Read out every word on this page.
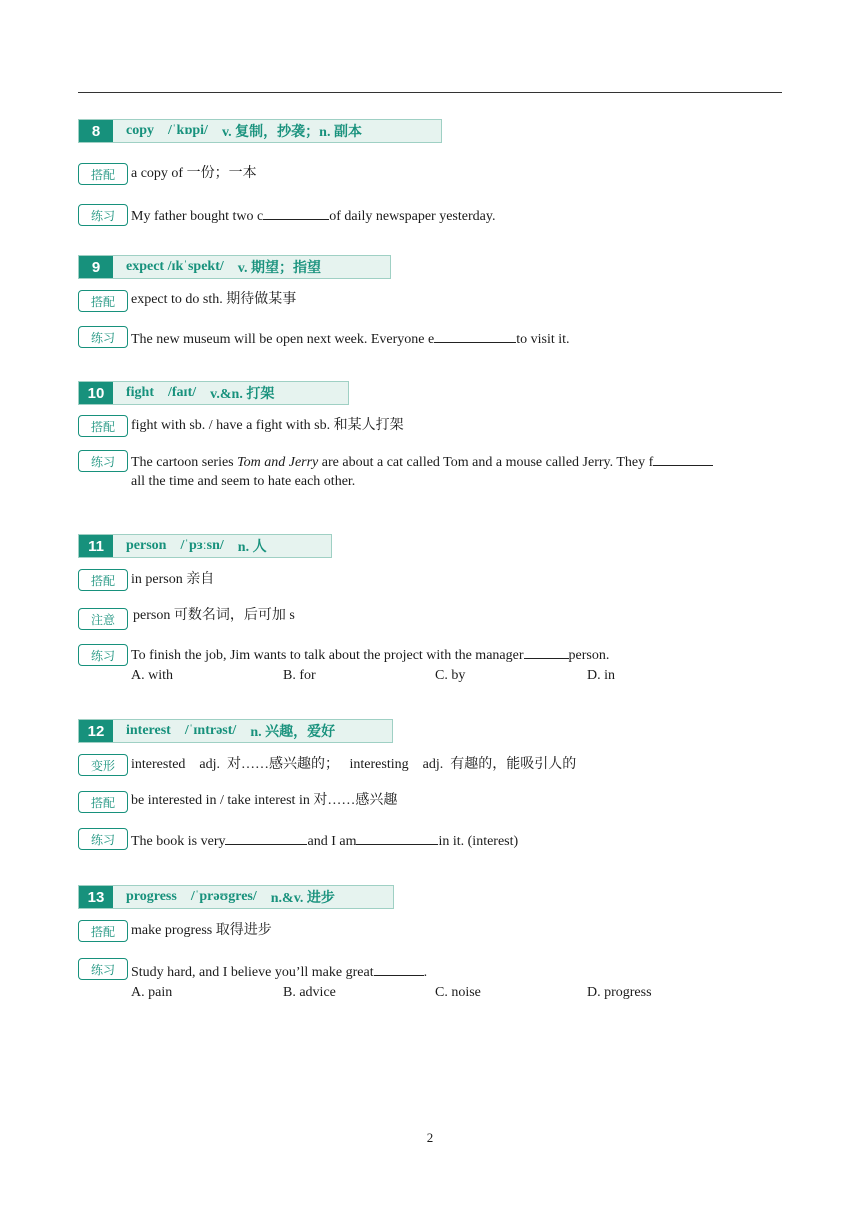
8	copy /ˈkɒpi/ v. 复制，抄袭；n. 副本
搭配	a copy of 一份；一本
练习	My father bought two c	of daily newspaper yesterday.
9	expect /ɪkˈspekt/ v. 期望；指望
搭配	expect to do sth. 期待做某事
练习	The new museum will be open next week. Everyone e	to visit it.
10	fight /faɪt/ v.&n. 打架
搭配	fight with sb. / have a fight with sb. 和某人打架
练习	The cartoon series Tom and Jerry are about a cat called Tom and a mouse called Jerry. They f
all the time and seem to hate each other.
11	person /ˈpɜːsn/ n. 人
搭配	in person 亲自
注意	person 可数名词，后可加 s
练习	To finish the job, Jim wants to talk about the project with the manager	person.
A. with	B. for	C. by	D. in
12	interest /ˈɪntrəst/ n. 兴趣，爱好
变形	interested    adj.  对……感兴趣的；   interesting    adj.  有趣的，能吸引人的
搭配	be interested in / take interest in 对……感兴趣
练习	The book is very	and I am	in it. (interest)
13	progress /ˈprəʊgres/ n.&v. 进步
搭配	make progress 取得进步
练习	Study hard, and I believe you’ll make great	.
A. pain	B. advice	C. noise	D. progress
2
